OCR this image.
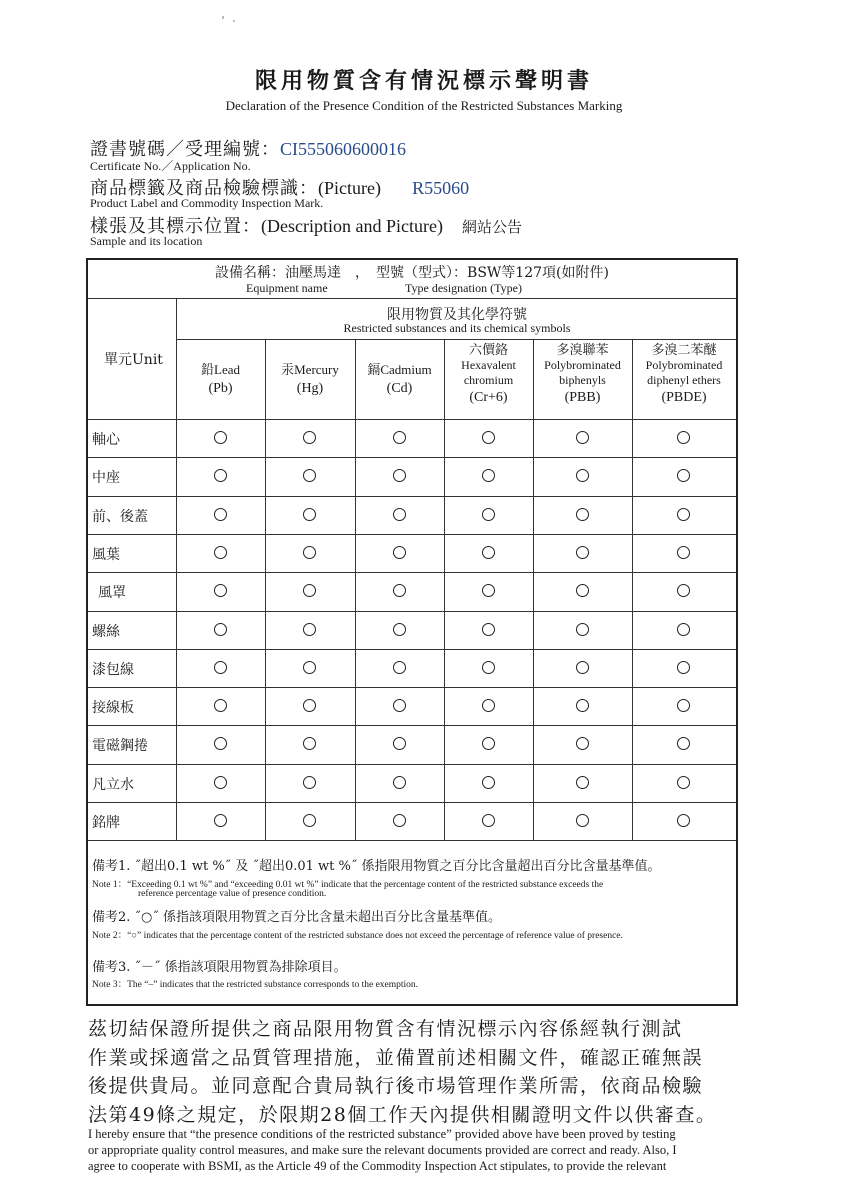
限用物質含有情況標示聲明書
Declaration of the Presence Condition of the Restricted Substances Marking
證書號碼／受理編號：CI555060600016
Certificate No.／Application No.
商品標籤及商品檢驗標識：(Picture) R55060
Product Label and Commodity Inspection Mark.
樣張及其標示位置：(Description and Picture) 網站公告
Sample and its location
設備名稱：油壓馬達　，　型號（型式）：BSW等127項(如附件)
Equipment name	Type designation (Type)
單元Unit
限用物質及其化學符號
Restricted substances and its chemical symbols
鉛Lead
(Pb)
汞Mercury
(Hg)
鎘Cadmium
(Cd)
六價鉻
Hexavalent
chromium
(Cr+6)
多溴聯苯
Polybrominated
biphenyls
(PBB)
多溴二苯醚
Polybrominated
diphenyl ethers
(PBDE)
軸心
中座
前、後蓋
風葉
風罩
螺絲
漆包線
接線板
電磁鋼捲
凡立水
銘牌
備考1. ˝超出0.1 wt %˝ 及 ˝超出0.01 wt %˝ 係指限用物質之百分比含量超出百分比含量基準值。
Note 1：“Exceeding 0.1 wt %” and “exceeding 0.01 wt %” indicate that the percentage content of the restricted substance exceeds the
reference percentage value of presence condition.
備考2. ˝○˝ 係指該項限用物質之百分比含量未超出百分比含量基準值。
Note 2：“○” indicates that the percentage content of the restricted substance does not exceed the percentage of reference value of presence.
備考3. ˝－˝ 係指該項限用物質為排除項目。
Note 3：The “–” indicates that the restricted substance corresponds to the exemption.
茲切結保證所提供之商品限用物質含有情況標示內容係經執行測試
作業或採適當之品質管理措施，並備置前述相關文件，確認正確無誤
後提供貴局。並同意配合貴局執行後市場管理作業所需，依商品檢驗
法第49條之規定，於限期28個工作天內提供相關證明文件以供審查。
I hereby ensure that “the presence conditions of the restricted substance” provided above have been proved by testing
or appropriate quality control measures, and make sure the relevant documents provided are correct and ready. Also, I
agree to cooperate with BSMI, as the Article 49 of the Commodity Inspection Act stipulates, to provide the relevant
